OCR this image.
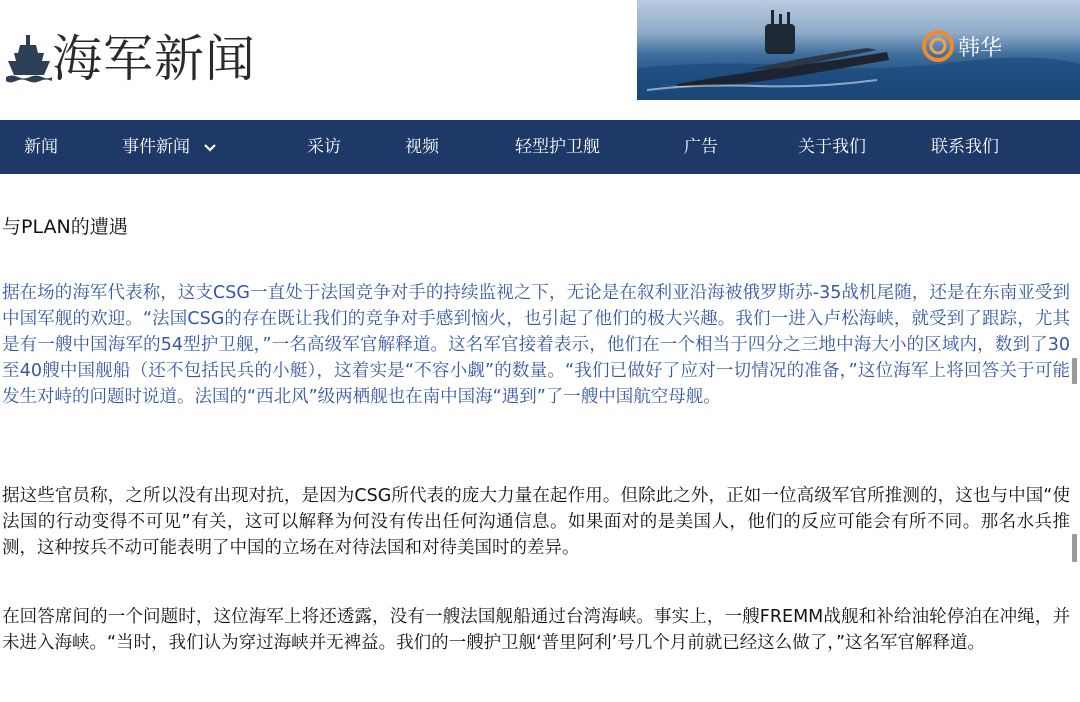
海军新闻	韩华
新闻	事件新闻	采访	视频	轻型护卫舰	广告	关于我们	联系我们
与PLAN的遭遇

据在场的海军代表称，这支CSG一直处于法国竞争对手的持续监视之下，无论是在叙利亚沿海被俄罗斯苏-35战机尾随，还是在东南亚受到中国军舰的欢迎。“法国CSG的存在既让我们的竞争对手感到恼火，也引起了他们的极大兴趣。我们一进入卢松海峡，就受到了跟踪，尤其是有一艘中国海军的54型护卫舰，”一名高级军官解释道。这名军官接着表示，他们在一个相当于四分之三地中海大小的区域内，数到了30至40艘中国舰船（还不包括民兵的小艇），这着实是“不容小觑”的数量。“我们已做好了应对一切情况的准备，”这位海军上将回答关于可能发生对峙的问题时说道。法国的“西北风”级两栖舰也在南中国海“遇到”了一艘中国航空母舰。

据这些官员称，之所以没有出现对抗，是因为CSG所代表的庞大力量在起作用。但除此之外，正如一位高级军官所推测的，这也与中国“使法国的行动变得不可见”有关，这可以解释为何没有传出任何沟通信息。如果面对的是美国人，他们的反应可能会有所不同。那名水兵推测，这种按兵不动可能表明了中国的立场在对待法国和对待美国时的差异。

在回答席间的一个问题时，这位海军上将还透露，没有一艘法国舰船通过台湾海峡。事实上，一艘FREMM战舰和补给油轮停泊在冲绳，并未进入海峡。“当时，我们认为穿过海峡并无裨益。我们的一艘护卫舰‘普里阿利’号几个月前就已经这么做了，”这名军官解释道。
